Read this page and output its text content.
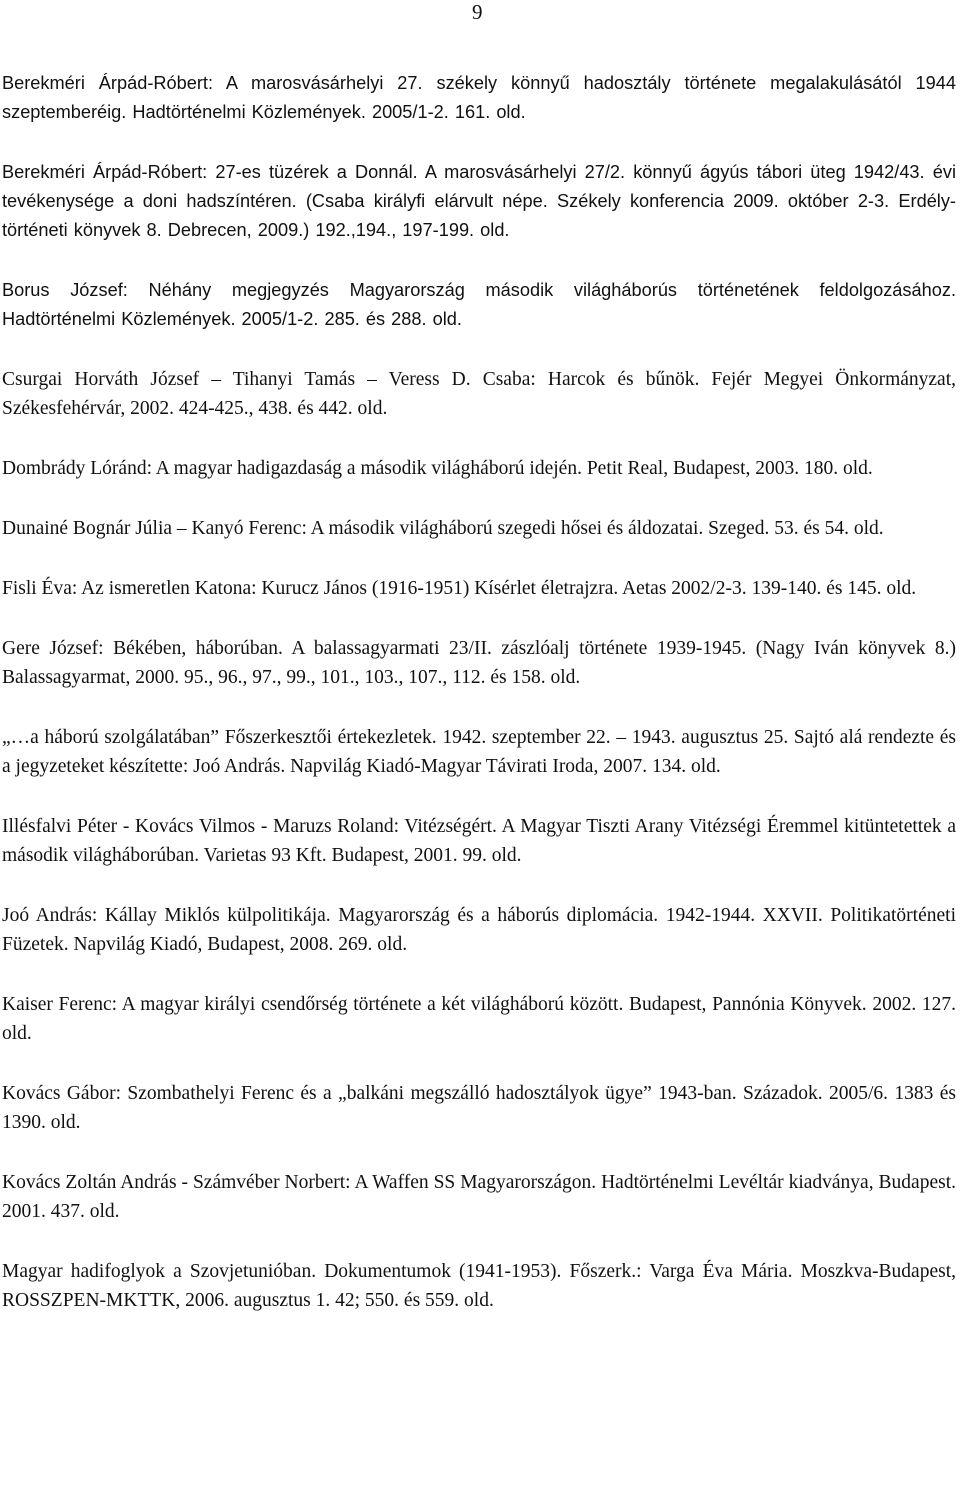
9

Berekméri Árpád-Róbert: A marosvásárhelyi 27. székely könnyű hadosztály története megalakulásától 1944 szeptemberéig. Hadtörténelmi Közlemények. 2005/1-2. 161. old.

Berekméri Árpád-Róbert: 27-es tüzérek a Donnál. A marosvásárhelyi 27/2. könnyű ágyús tábori üteg 1942/43. évi tevékenysége a doni hadszíntéren. (Csaba királyfi elárvult népe. Székely konferencia 2009. október 2-3. Erdély-történeti könyvek 8. Debrecen, 2009.) 192.,194., 197-199. old.

Borus József: Néhány megjegyzés Magyarország második világháborús történetének feldolgozásához. Hadtörténelmi Közlemények. 2005/1-2. 285. és 288. old.

Csurgai Horváth József – Tihanyi Tamás – Veress D. Csaba: Harcok és bűnök. Fejér Megyei Önkormányzat, Székesfehérvár, 2002. 424-425., 438. és 442. old.

Dombrády Lóránd: A magyar hadigazdaság a második világháború idején. Petit Real, Budapest, 2003. 180. old.

Dunainé Bognár Júlia – Kanyó Ferenc: A második világháború szegedi hősei és áldozatai. Szeged. 53. és 54. old.

Fisli Éva: Az ismeretlen Katona: Kurucz János (1916-1951) Kísérlet életrajzra. Aetas 2002/2-3. 139-140. és 145. old.

Gere József: Békében, háborúban. A balassagyarmati 23/II. zászlóalj története 1939-1945. (Nagy Iván könyvek 8.) Balassagyarmat, 2000. 95., 96., 97., 99., 101., 103., 107., 112. és 158. old.

„…a háború szolgálatában” Főszerkesztői értekezletek. 1942. szeptember 22. – 1943. augusztus 25. Sajtó alá rendezte és a jegyzeteket készítette: Joó András. Napvilág Kiadó-Magyar Távirati Iroda, 2007. 134. old.

Illésfalvi Péter - Kovács Vilmos - Maruzs Roland: Vitézségért. A Magyar Tiszti Arany Vitézségi Éremmel kitüntetettek a második világháborúban. Varietas 93 Kft. Budapest, 2001. 99. old.

Joó András: Kállay Miklós külpolitikája. Magyarország és a háborús diplomácia. 1942-1944. XXVII. Politikatörténeti Füzetek. Napvilág Kiadó, Budapest, 2008. 269. old.

Kaiser Ferenc: A magyar királyi csendőrség története a két világháború között. Budapest, Pannónia Könyvek. 2002. 127. old.

Kovács Gábor: Szombathelyi Ferenc és a „balkáni megszálló hadosztályok ügye” 1943-ban. Századok. 2005/6. 1383 és 1390. old.

Kovács Zoltán András - Számvéber Norbert: A Waffen SS Magyarországon. Hadtörténelmi Levéltár kiadványa, Budapest. 2001. 437. old.

Magyar hadifoglyok a Szovjetunióban. Dokumentumok (1941-1953). Főszerk.: Varga Éva Mária. Moszkva-Budapest, ROSSZPEN-MKTTK, 2006. augusztus 1. 42; 550. és 559. old.
